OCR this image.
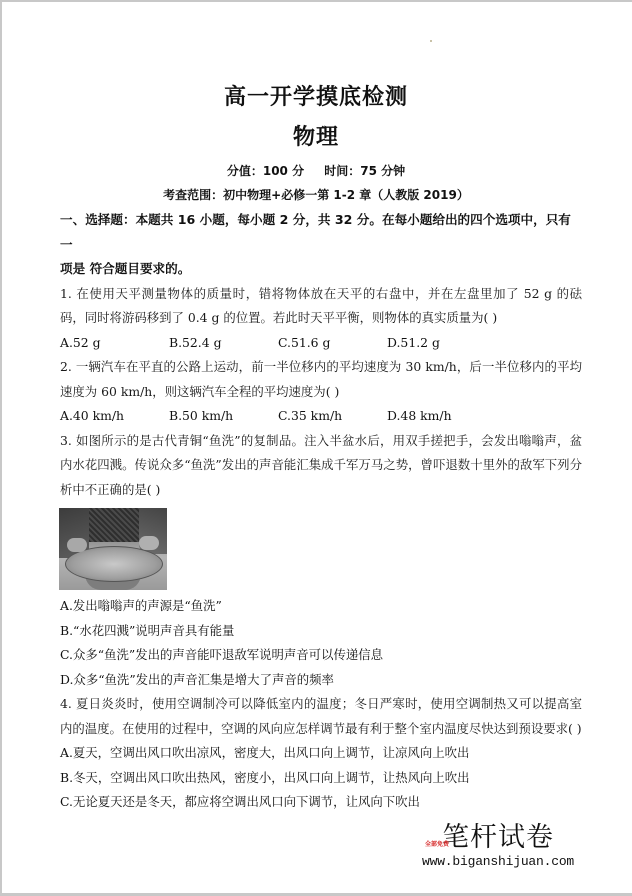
高一开学摸底检测
物理
分值：100 分 时间：75 分钟
考查范围：初中物理+必修一第 1-2 章（人教版 2019）
一、选择题：本题共 16 小题，每小题 2 分，共 32 分。在每小题给出的四个选项中，只有一
项是 符合题目要求的。
1. 在使用天平测量物体的质量时，错将物体放在天平的右盘中，并在左盘里加了 52 g 的砝码，同时将游码移到了 0.4 g 的位置。若此时天平平衡，则物体的真实质量为( )
A.52 g	B.52.4 g	C.51.6 g	D.51.2 g
2. 一辆汽车在平直的公路上运动，前一半位移内的平均速度为 30 km/h，后一半位移内的平均速度为 60 km/h，则这辆汽车全程的平均速度为( )
A.40 km/h	B.50 km/h	C.35 km/h	D.48 km/h
3. 如图所示的是古代青铜“鱼洗”的复制品。注入半盆水后，用双手搓把手，会发出嗡嗡声，盆内水花四溅。传说众多“鱼洗”发出的声音能汇集成千军万马之势，曾吓退数十里外的敌军下列分析中不正确的是( )
A.发出嗡嗡声的声源是“鱼洗”
B.“水花四溅”说明声音具有能量
C.众多“鱼洗”发出的声音能吓退敌军说明声音可以传递信息
D.众多“鱼洗”发出的声音汇集是增大了声音的频率
4. 夏日炎炎时，使用空调制冷可以降低室内的温度；冬日严寒时，使用空调制热又可以提高室内的温度。在使用的过程中，空调的风向应怎样调节最有利于整个室内温度尽快达到预设要求( )
A.夏天，空调出风口吹出凉风，密度大，出风口向上调节，让凉风向上吹出
B.冬天，空调出风口吹出热风，密度小，出风口向上调节，让热风向上吹出
C.无论夏天还是冬天，都应将空调出风口向下调节，让风向下吹出
笔杆试卷
全部免费
www.biganshijuan.com
